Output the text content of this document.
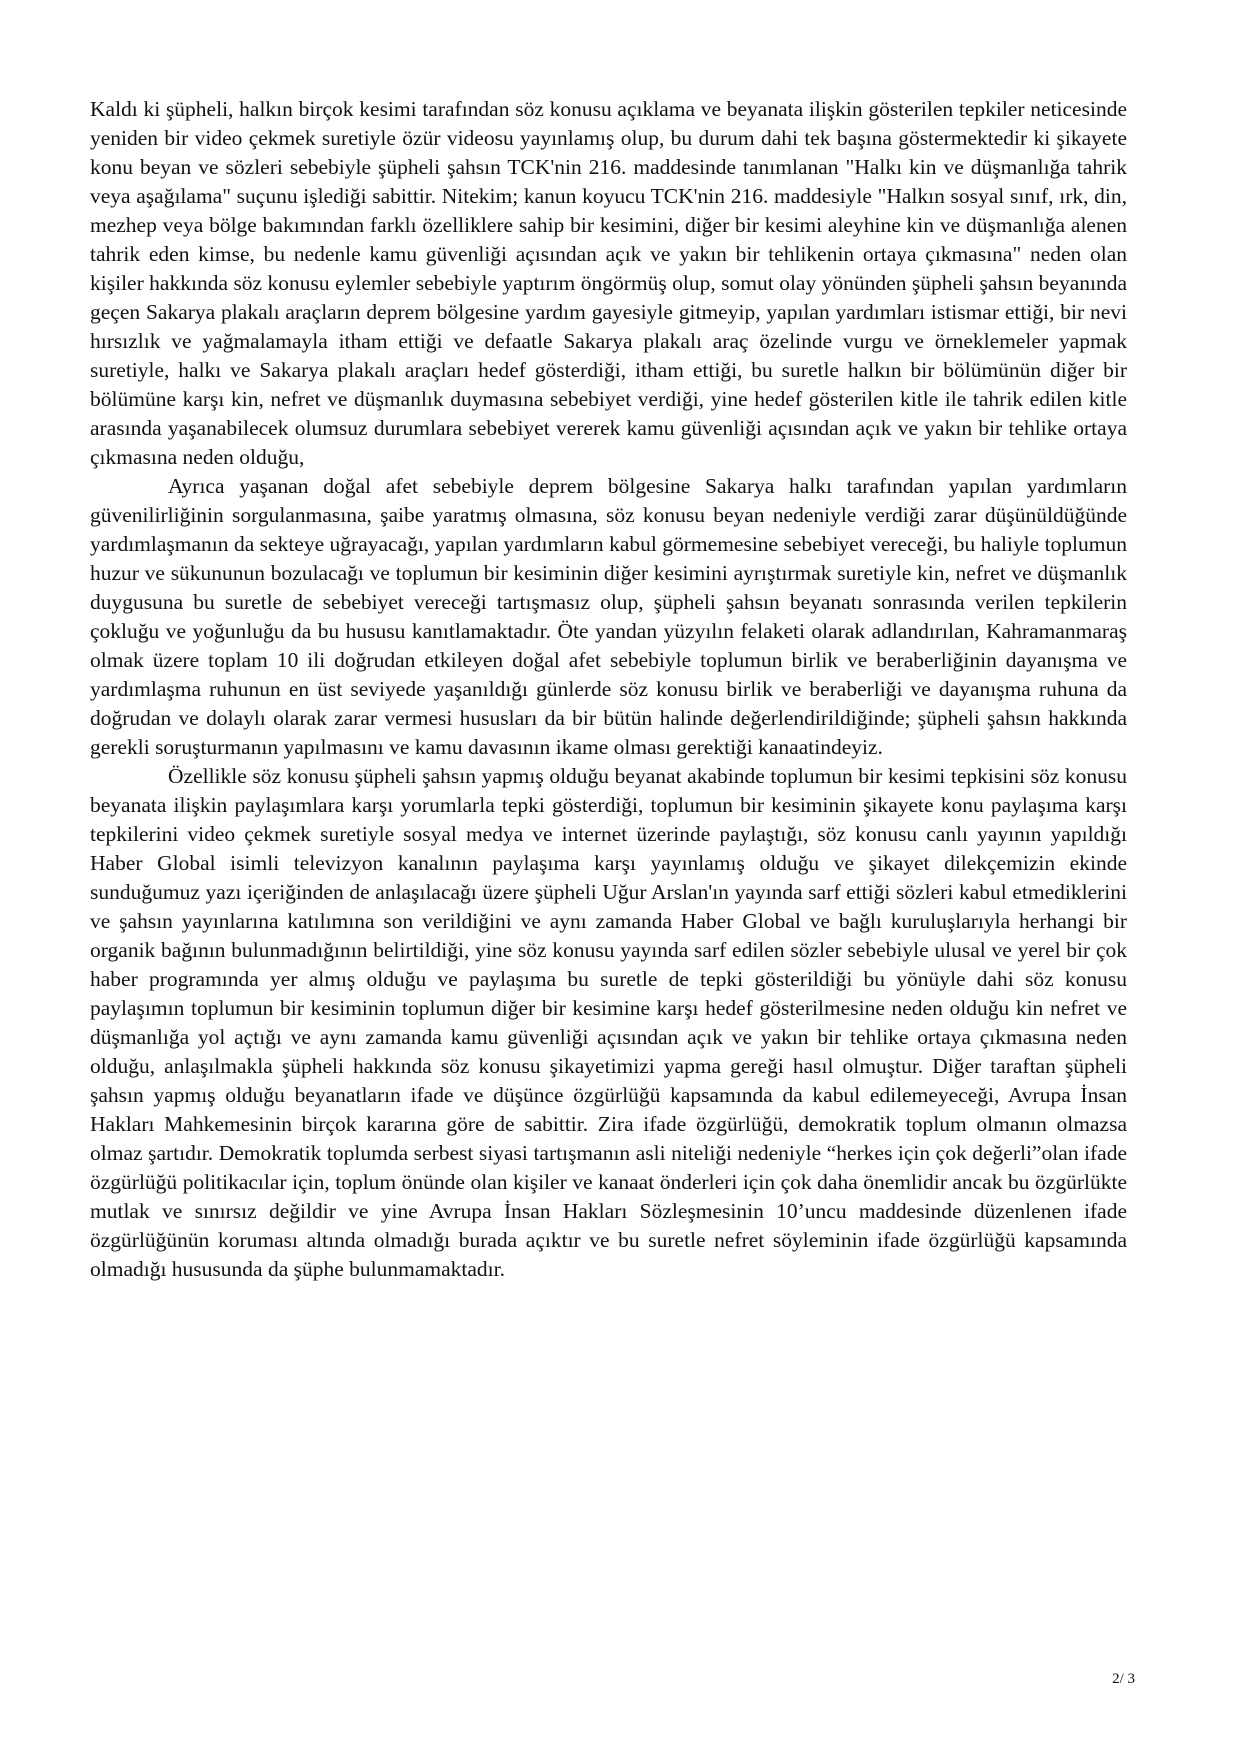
Kaldı ki şüpheli, halkın birçok kesimi tarafından söz konusu açıklama ve beyanata ilişkin gösterilen tepkiler neticesinde yeniden bir video çekmek suretiyle özür videosu yayınlamış olup, bu durum dahi tek başına göstermektedir ki şikayete konu beyan ve sözleri sebebiyle şüpheli şahsın TCK'nin 216. maddesinde tanımlanan "Halkı kin ve düşmanlığa tahrik veya aşağılama" suçunu işlediği sabittir. Nitekim; kanun koyucu TCK'nin 216. maddesiyle "Halkın sosyal sınıf, ırk, din, mezhep veya bölge bakımından farklı özelliklere sahip bir kesimini, diğer bir kesimi aleyhine kin ve düşmanlığa alenen tahrik eden kimse, bu nedenle kamu güvenliği açısından açık ve yakın bir tehlikenin ortaya çıkmasına" neden olan kişiler hakkında söz konusu eylemler sebebiyle yaptırım öngörmüş olup, somut olay yönünden şüpheli şahsın beyanında geçen Sakarya plakalı araçların deprem bölgesine yardım gayesiyle gitmeyip, yapılan yardımları istismar ettiği, bir nevi hırsızlık ve yağmalamayla itham ettiği ve defaatle Sakarya plakalı araç özelinde vurgu ve örneklemeler yapmak suretiyle, halkı ve Sakarya plakalı araçları hedef gösterdiği, itham ettiği, bu suretle halkın bir bölümünün diğer bir bölümüne karşı kin, nefret ve düşmanlık duymasına sebebiyet verdiği, yine hedef gösterilen kitle ile tahrik edilen kitle arasında yaşanabilecek olumsuz durumlara sebebiyet vererek kamu güvenliği açısından açık ve yakın bir tehlike ortaya çıkmasına neden olduğu,

Ayrıca yaşanan doğal afet sebebiyle deprem bölgesine Sakarya halkı tarafından yapılan yardımların güvenilirliğinin sorgulanmasına, şaibe yaratmış olmasına, söz konusu beyan nedeniyle verdiği zarar düşünüldüğünde yardımlaşmanın da sekteye uğrayacağı, yapılan yardımların kabul görmemesine sebebiyet vereceği, bu haliyle toplumun huzur ve sükununun bozulacağı ve toplumun bir kesiminin diğer kesimini ayrıştırmak suretiyle kin, nefret ve düşmanlık duygusuna bu suretle de sebebiyet vereceği tartışmasız olup, şüpheli şahsın beyanatı sonrasında verilen tepkilerin çokluğu ve yoğunluğu da bu hususu kanıtlamaktadır. Öte yandan yüzyılın felaketi olarak adlandırılan, Kahramanmaraş olmak üzere toplam 10 ili doğrudan etkileyen doğal afet sebebiyle toplumun birlik ve beraberliğinin dayanışma ve yardımlaşma ruhunun en üst seviyede yaşanıldığı günlerde söz konusu birlik ve beraberliği ve dayanışma ruhuna da doğrudan ve dolaylı olarak zarar vermesi hususları da bir bütün halinde değerlendirildiğinde; şüpheli şahsın hakkında gerekli soruşturmanın yapılmasını ve kamu davasının ikame olması gerektiği kanaatindeyiz.

Özellikle söz konusu şüpheli şahsın yapmış olduğu beyanat akabinde toplumun bir kesimi tepkisini söz konusu beyanata ilişkin paylaşımlara karşı yorumlarla tepki gösterdiği, toplumun bir kesiminin şikayete konu paylaşıma karşı tepkilerini video çekmek suretiyle sosyal medya ve internet üzerinde paylaştığı, söz konusu canlı yayının yapıldığı Haber Global isimli televizyon kanalının paylaşıma karşı yayınlamış olduğu ve şikayet dilekçemizin ekinde sunduğumuz yazı içeriğinden de anlaşılacağı üzere şüpheli Uğur Arslan'ın yayında sarf ettiği sözleri kabul etmediklerini ve şahsın yayınlarına katılımına son verildiğini ve aynı zamanda Haber Global ve bağlı kuruluşlarıyla herhangi bir organik bağının bulunmadığının belirtildiği, yine söz konusu yayında sarf edilen sözler sebebiyle ulusal ve yerel bir çok haber programında yer almış olduğu ve paylaşıma bu suretle de tepki gösterildiği bu yönüyle dahi söz konusu paylaşımın toplumun bir kesiminin toplumun diğer bir kesimine karşı hedef gösterilmesine neden olduğu kin nefret ve düşmanlığa yol açtığı ve aynı zamanda kamu güvenliği açısından açık ve yakın bir tehlike ortaya çıkmasına neden olduğu, anlaşılmakla şüpheli hakkında söz konusu şikayetimizi yapma gereği hasıl olmuştur. Diğer taraftan şüpheli şahsın yapmış olduğu beyanatların ifade ve düşünce özgürlüğü kapsamında da kabul edilemeyeceği, Avrupa İnsan Hakları Mahkemesinin birçok kararına göre de sabittir. Zira ifade özgürlüğü, demokratik toplum olmanın olmazsa olmaz şartıdır. Demokratik toplumda serbest siyasi tartışmanın asli niteliği nedeniyle “herkes için çok değerli”olan ifade özgürlüğü politikacılar için, toplum önünde olan kişiler ve kanaat önderleri için çok daha önemlidir ancak bu özgürlükte mutlak ve sınırsız değildir ve yine Avrupa İnsan Hakları Sözleşmesinin 10’uncu maddesinde düzenlenen ifade özgürlüğünün koruması altında olmadığı burada açıktır ve bu suretle nefret söyleminin ifade özgürlüğü kapsamında olmadığı hususunda da şüphe bulunmamaktadır.

2/ 3
